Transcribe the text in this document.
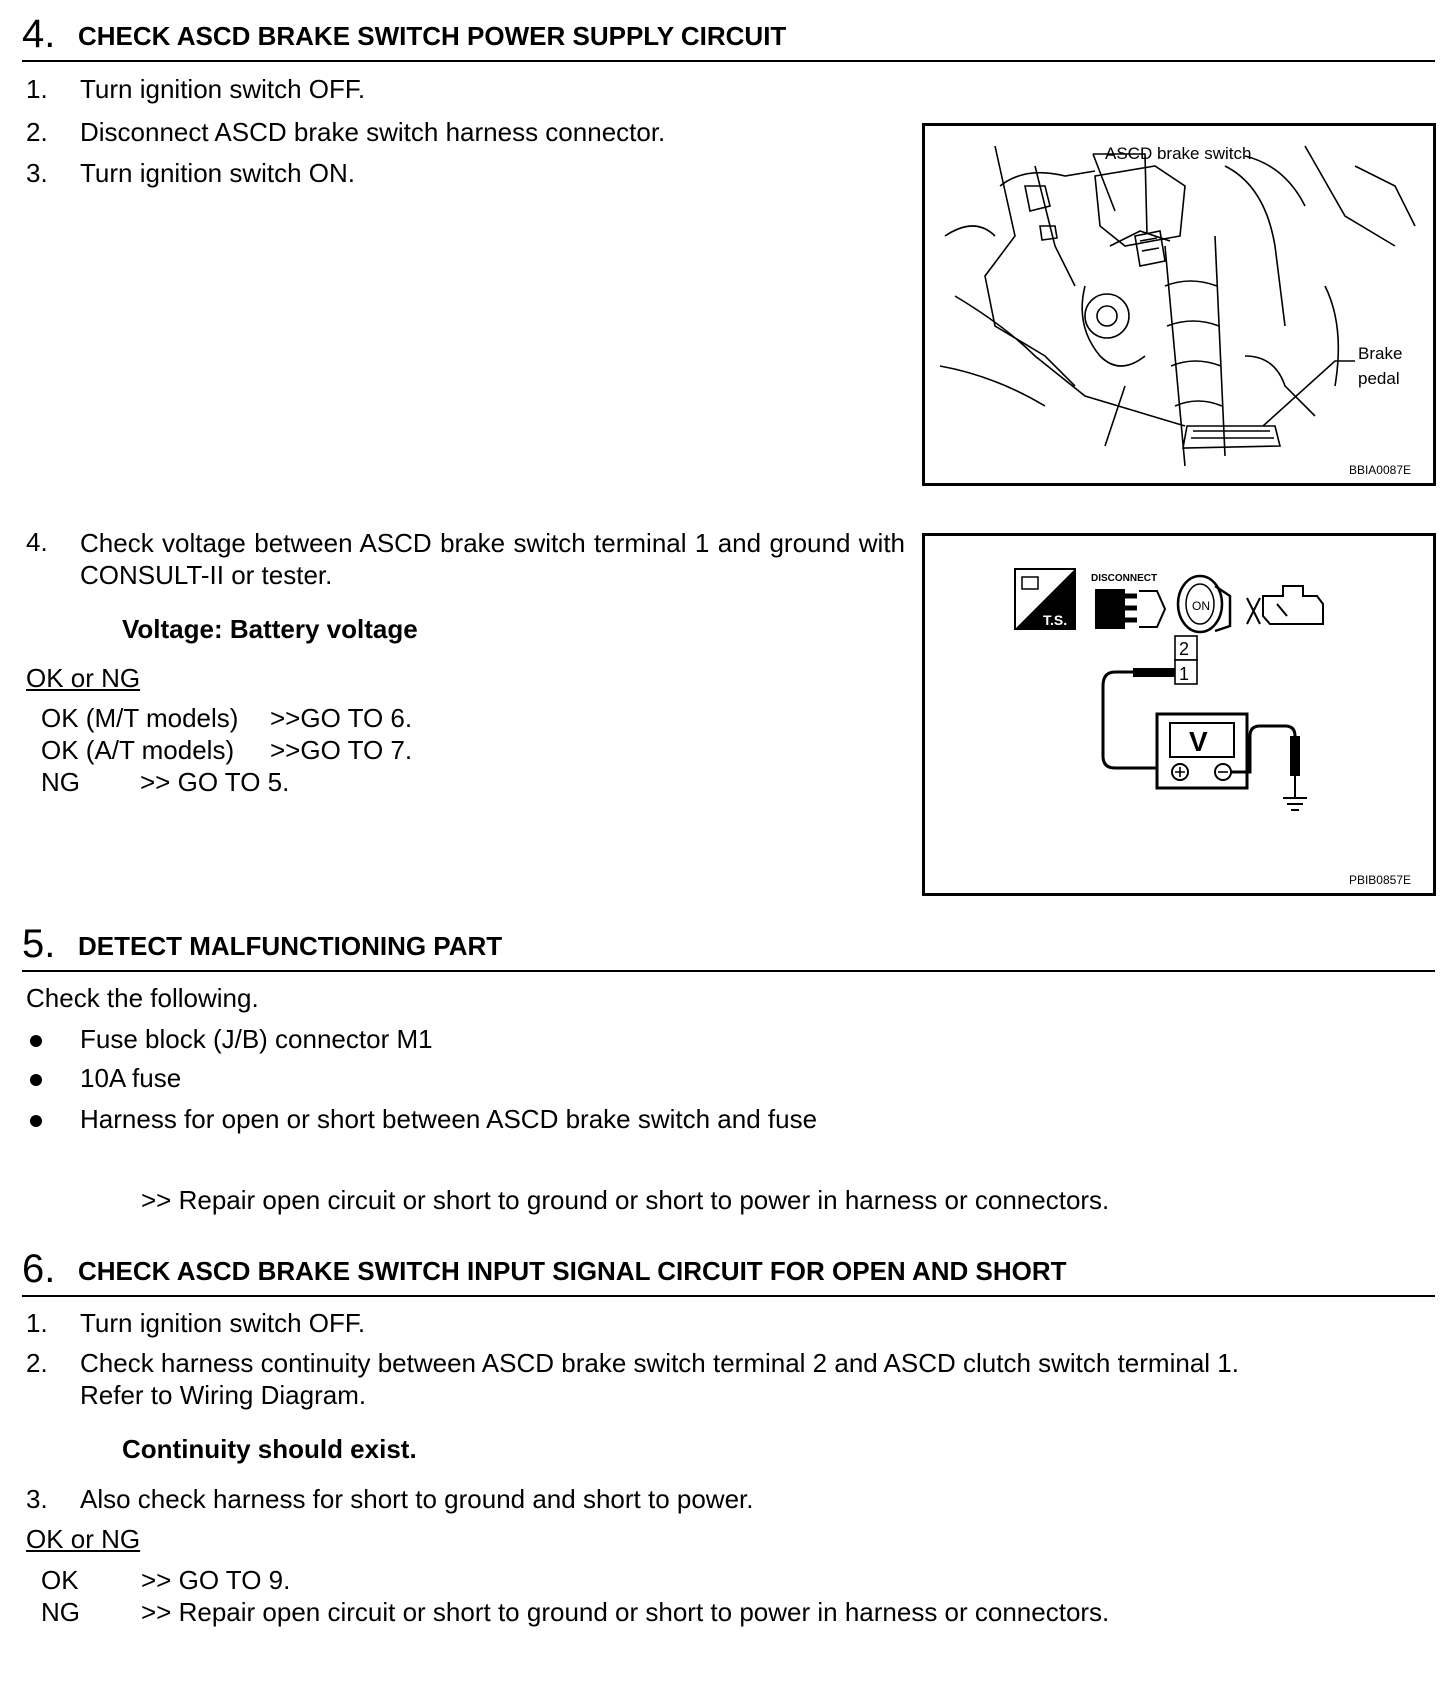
4. CHECK ASCD BRAKE SWITCH POWER SUPPLY CIRCUIT
1. Turn ignition switch OFF.
2. Disconnect ASCD brake switch harness connector.
3. Turn ignition switch ON.
ASCD brake switch
Brake
pedal
BBIA0087E
4. Check voltage between ASCD brake switch terminal 1 and ground with CONSULT-II or tester.
Voltage: Battery voltage
OK or NG
OK (M/T models) >>GO TO 6.
OK (A/T models) >>GO TO 7.
NG >> GO TO 5.
T.S.
DISCONNECT
ON
2
1
V
PBIB0857E
5. DETECT MALFUNCTIONING PART
Check the following.
Fuse block (J/B) connector M1
10A fuse
Harness for open or short between ASCD brake switch and fuse
>> Repair open circuit or short to ground or short to power in harness or connectors.
6. CHECK ASCD BRAKE SWITCH INPUT SIGNAL CIRCUIT FOR OPEN AND SHORT
1. Turn ignition switch OFF.
2. Check harness continuity between ASCD brake switch terminal 2 and ASCD clutch switch terminal 1.
Refer to Wiring Diagram.
Continuity should exist.
3. Also check harness for short to ground and short to power.
OK or NG
OK >> GO TO 9.
NG >> Repair open circuit or short to ground or short to power in harness or connectors.
